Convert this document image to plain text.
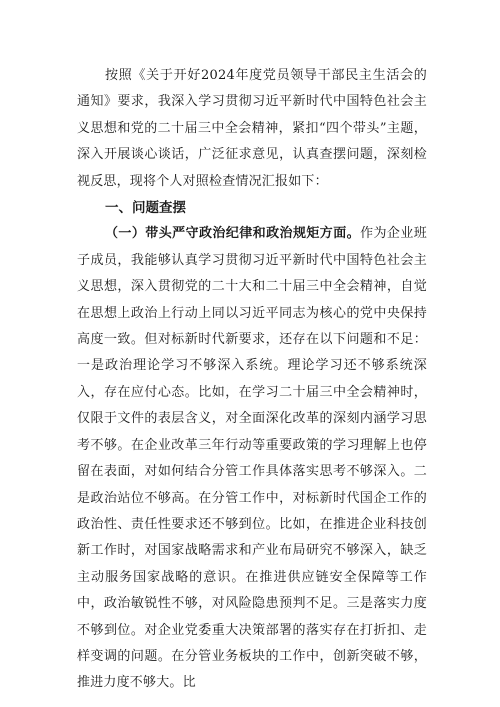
按照《关于开好2024年度党员领导干部民主生活会的通知》要求，我深入学习贯彻习近平新时代中国特色社会主义思想和党的二十届三中全会精神，紧扣“四个带头”主题，深入开展谈心谈话，广泛征求意见，认真查摆问题，深刻检视反思，现将个人对照检查情况汇报如下：

一、问题查摆

（一）带头严守政治纪律和政治规矩方面。作为企业班子成员，我能够认真学习贯彻习近平新时代中国特色社会主义思想，深入贯彻党的二十大和二十届三中全会精神，自觉在思想上政治上行动上同以习近平同志为核心的党中央保持高度一致。但对标新时代新要求，还存在以下问题和不足：一是政治理论学习不够深入系统。理论学习还不够系统深入，存在应付心态。比如，在学习二十届三中全会精神时，仅限于文件的表层含义，对全面深化改革的深刻内涵学习思考不够。在企业改革三年行动等重要政策的学习理解上也停留在表面，对如何结合分管工作具体落实思考不够深入。二是政治站位不够高。在分管工作中，对标新时代国企工作的政治性、责任性要求还不够到位。比如，在推进企业科技创新工作时，对国家战略需求和产业布局研究不够深入，缺乏主动服务国家战略的意识。在推进供应链安全保障等工作中，政治敏锐性不够，对风险隐患预判不足。三是落实力度不够到位。对企业党委重大决策部署的落实存在打折扣、走样变调的问题。在分管业务板块的工作中，创新突破不够，推进力度不够大。比
